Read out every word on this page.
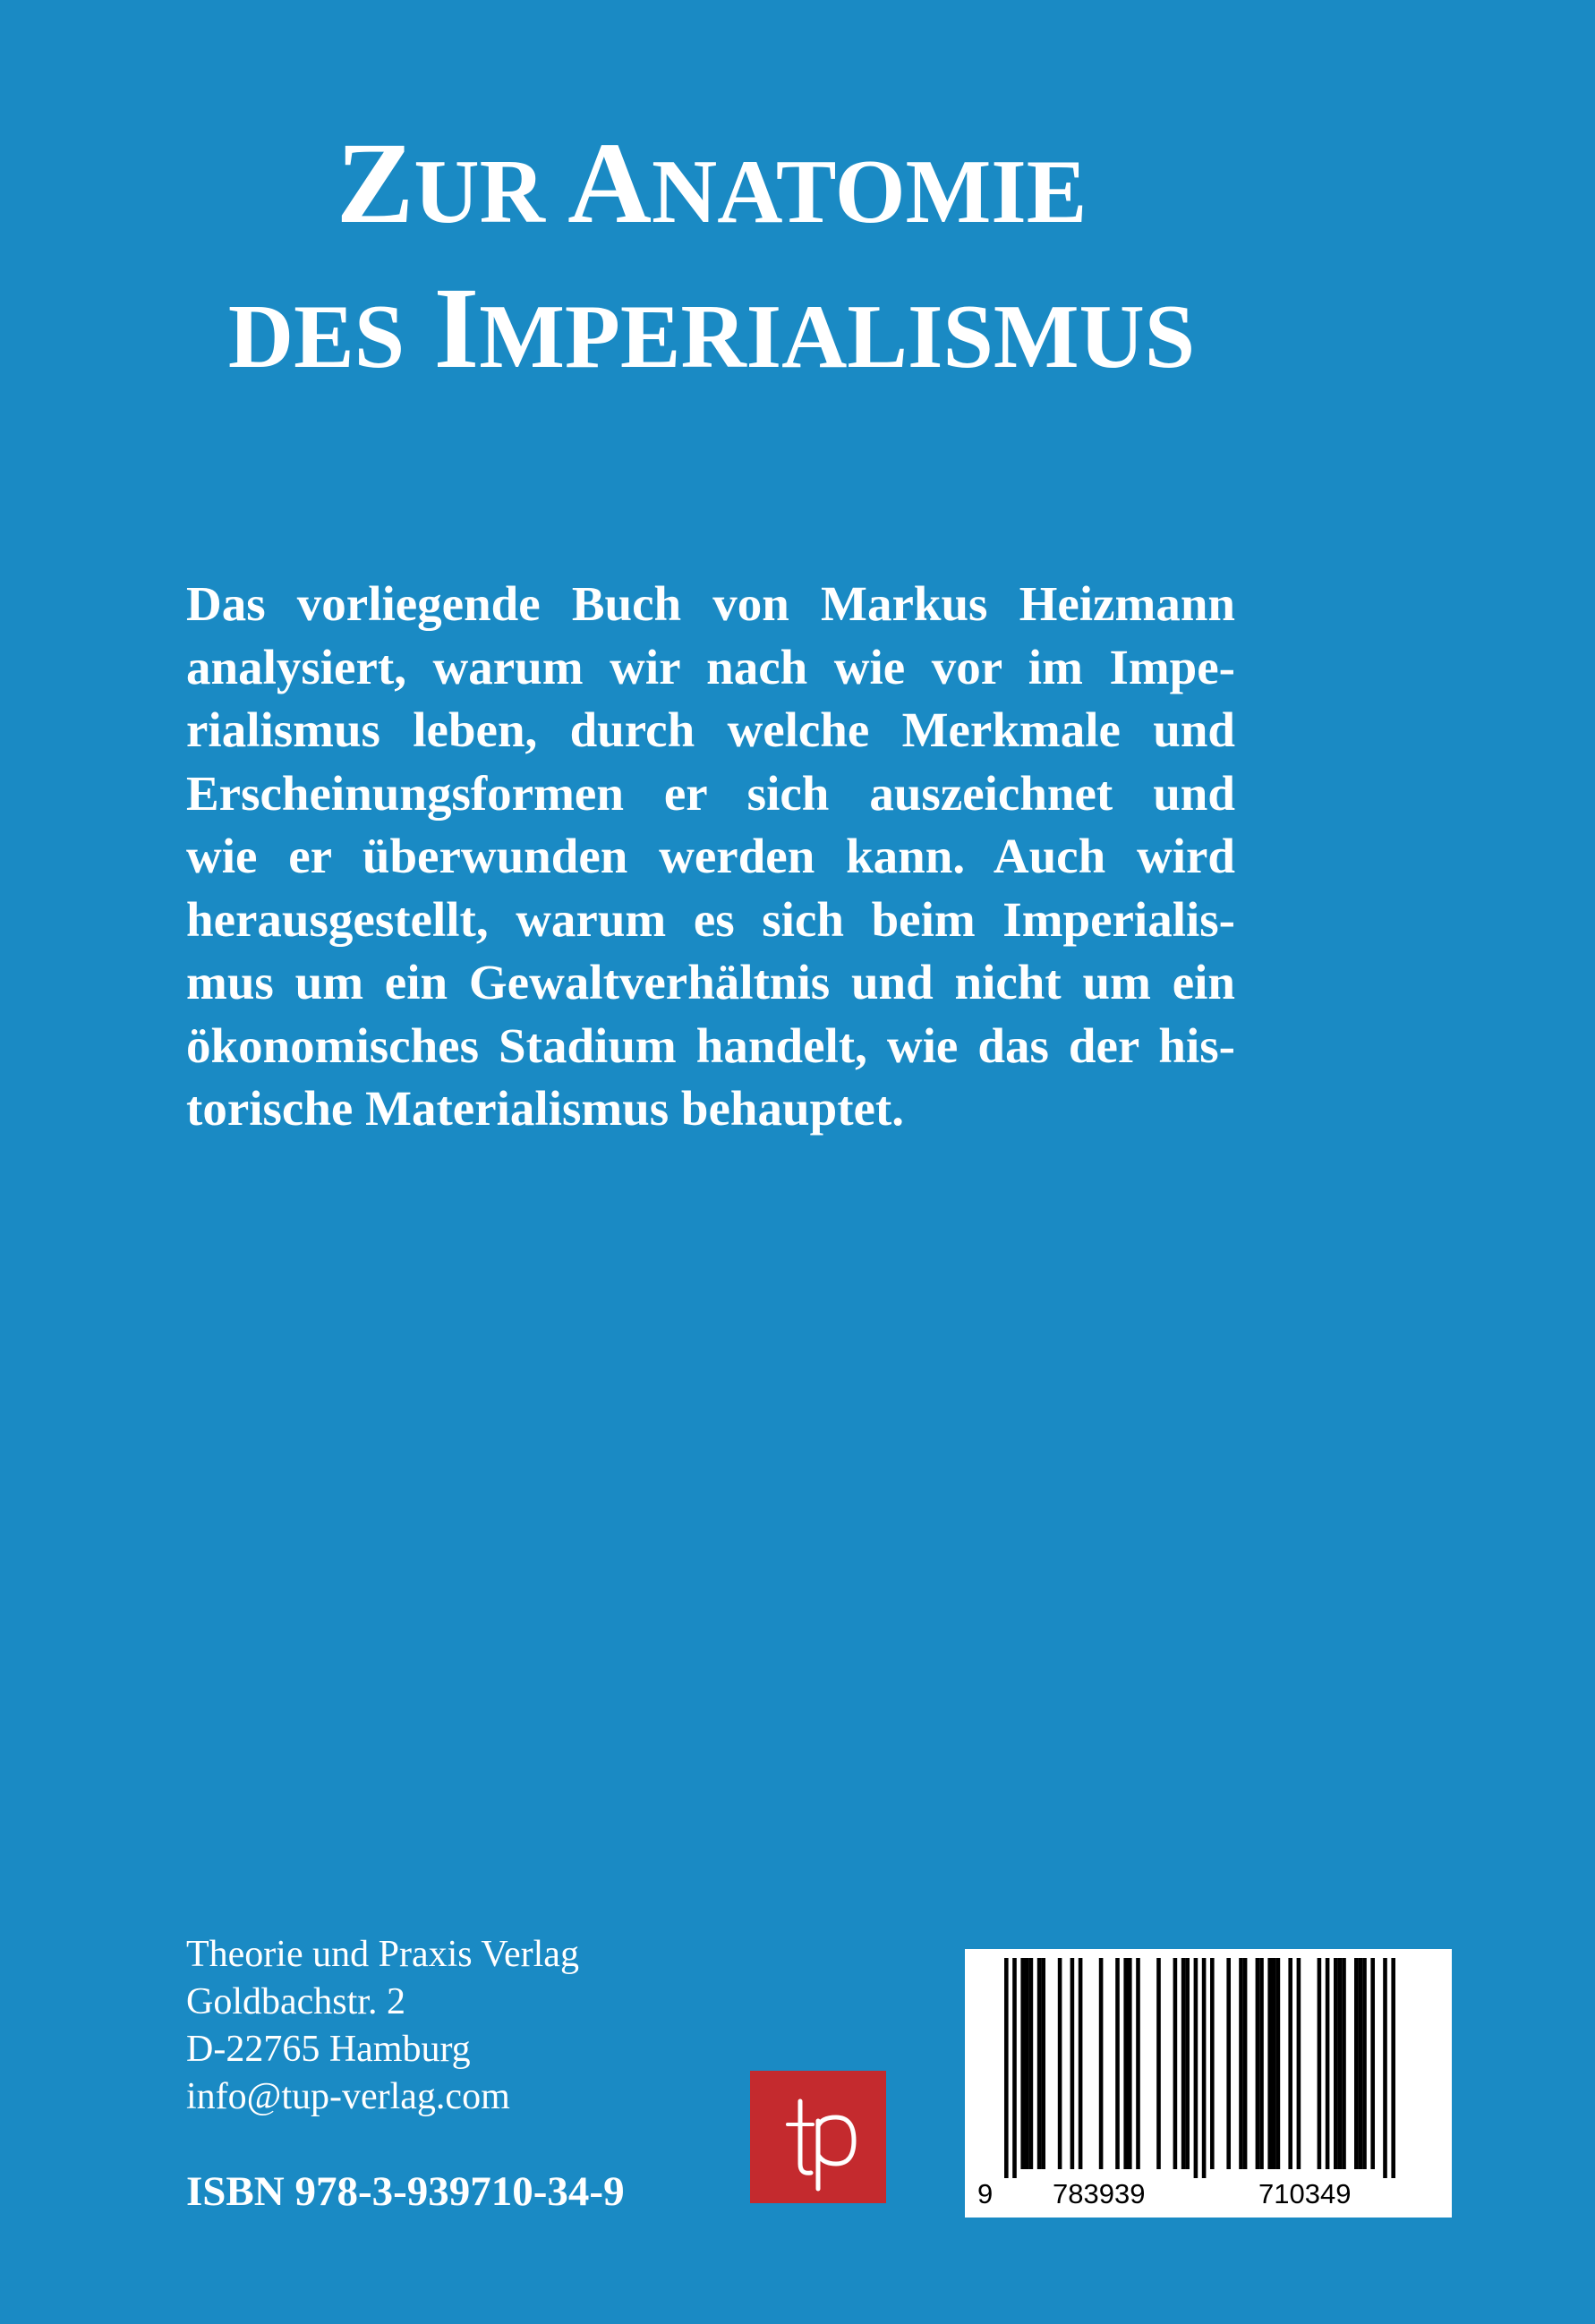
ZUR ANATOMIE
DES IMPERIALISMUS
Das vorliegende Buch von Markus Heizmann
analysiert, warum wir nach wie vor im Impe-
rialismus leben, durch welche Merkmale und
Erscheinungsformen er sich auszeichnet und
wie er überwunden werden kann. Auch wird
herausgestellt, warum es sich beim Imperialis-
mus um ein Gewaltverhältnis und nicht um ein
ökonomisches Stadium handelt, wie das der his-
torische Materialismus behauptet.
Theorie und Praxis Verlag
Goldbachstr. 2
D-22765 Hamburg
info@tup-verlag.com
ISBN 978-3-939710-34-9	9 783939	710349
